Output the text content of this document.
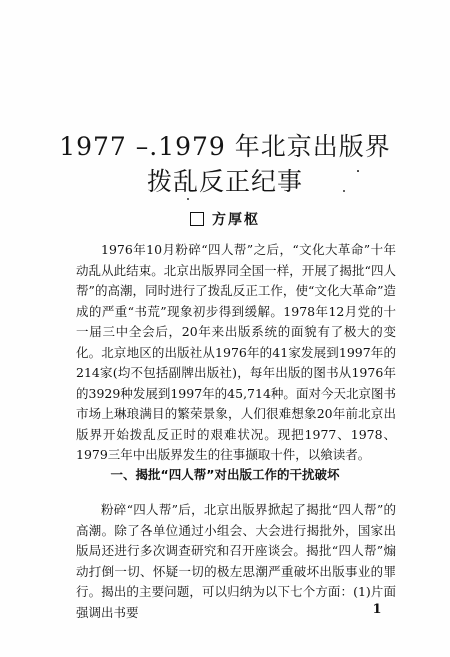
1977 –.1979 年北京出版界
拨乱反正纪事
方厚枢

1976年10月粉碎“四人帮”之后，“文化大革命”十年动乱从此结束。北京出版界同全国一样，开展了揭批“四人帮”的高潮，同时进行了拨乱反正工作，使“文化大革命”造成的严重“书荒”现象初步得到缓解。1978年12月党的十一届三中全会后，20年来出版系统的面貌有了极大的变化。北京地区的出版社从1976年的41家发展到1997年的214家(均不包括副牌出版社)，每年出版的图书从1976年的3929种发展到1997年的45,714种。面对今天北京图书市场上琳琅满目的繁荣景象，人们很难想象20年前北京出版界开始拨乱反正时的艰难状况。现把1977、1978、1979三年中出版界发生的往事撷取十件，以飨读者。

一、揭批“四人帮”对出版工作的干扰破坏

粉碎“四人帮”后，北京出版界掀起了揭批“四人帮”的高潮。除了各单位通过小组会、大会进行揭批外，国家出版局还进行多次调查研究和召开座谈会。揭批“四人帮”煽动打倒一切、怀疑一切的极左思潮严重破坏出版事业的罪行。揭出的主要问题，可以归纳为以下七个方面：(1)片面强调出书要	1
